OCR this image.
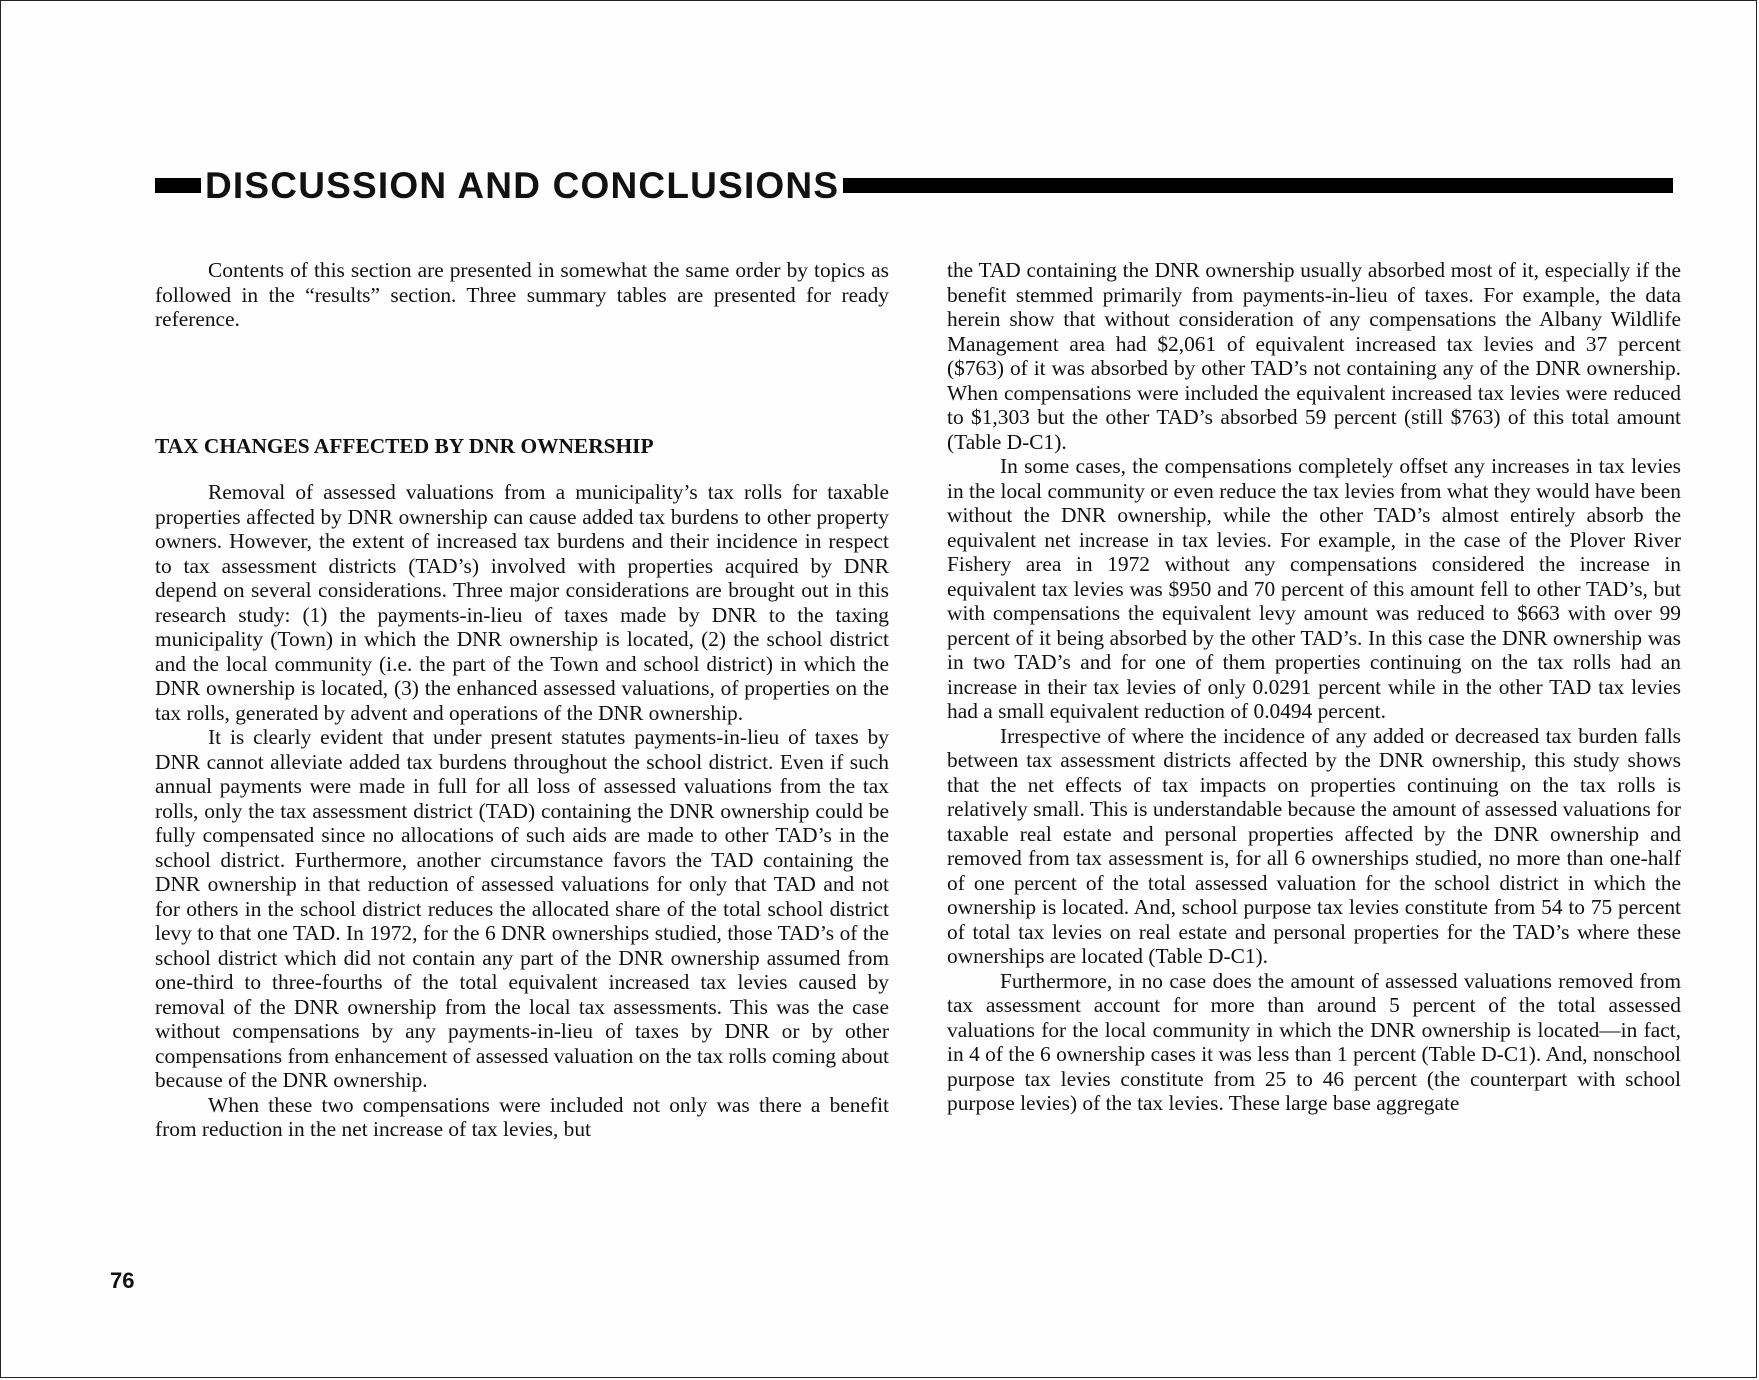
DISCUSSION AND CONCLUSIONS

Contents of this section are presented in somewhat the same order by topics as followed in the “results” section. Three summary tables are presented for ready reference.

TAX CHANGES AFFECTED BY DNR OWNERSHIP

Removal of assessed valuations from a municipality’s tax rolls for taxable properties affected by DNR ownership can cause added tax burdens to other property owners. However, the extent of increased tax burdens and their incidence in respect to tax assessment districts (TAD’s) involved with properties acquired by DNR depend on several considerations. Three major considerations are brought out in this research study: (1) the payments-in-lieu of taxes made by DNR to the taxing municipality (Town) in which the DNR ownership is located, (2) the school district and the local community (i.e. the part of the Town and school district) in which the DNR ownership is located, (3) the enhanced assessed valuations, of properties on the tax rolls, generated by advent and operations of the DNR ownership.

It is clearly evident that under present statutes payments-in-lieu of taxes by DNR cannot alleviate added tax burdens throughout the school district. Even if such annual payments were made in full for all loss of assessed valuations from the tax rolls, only the tax assessment district (TAD) containing the DNR ownership could be fully compensated since no allocations of such aids are made to other TAD’s in the school district. Furthermore, another circumstance favors the TAD containing the DNR ownership in that reduction of assessed valuations for only that TAD and not for others in the school district reduces the allocated share of the total school district levy to that one TAD. In 1972, for the 6 DNR ownerships studied, those TAD’s of the school district which did not contain any part of the DNR ownership assumed from one-third to three-fourths of the total equivalent increased tax levies caused by removal of the DNR ownership from the local tax assessments. This was the case without compensations by any payments-in-lieu of taxes by DNR or by other compensations from enhancement of assessed valuation on the tax rolls coming about because of the DNR ownership.

When these two compensations were included not only was there a benefit from reduction in the net increase of tax levies, but

the TAD containing the DNR ownership usually absorbed most of it, especially if the benefit stemmed primarily from payments-in-lieu of taxes. For example, the data herein show that without consideration of any compensations the Albany Wildlife Management area had $2,061 of equivalent increased tax levies and 37 percent ($763) of it was absorbed by other TAD’s not containing any of the DNR ownership. When compensations were included the equivalent increased tax levies were reduced to $1,303 but the other TAD’s absorbed 59 percent (still $763) of this total amount (Table D-C1).

In some cases, the compensations completely offset any increases in tax levies in the local community or even reduce the tax levies from what they would have been without the DNR ownership, while the other TAD’s almost entirely absorb the equivalent net increase in tax levies. For example, in the case of the Plover River Fishery area in 1972 without any compensations considered the increase in equivalent tax levies was $950 and 70 percent of this amount fell to other TAD’s, but with compensations the equivalent levy amount was reduced to $663 with over 99 percent of it being absorbed by the other TAD’s. In this case the DNR ownership was in two TAD’s and for one of them properties continuing on the tax rolls had an increase in their tax levies of only 0.0291 percent while in the other TAD tax levies had a small equivalent reduction of 0.0494 percent.

Irrespective of where the incidence of any added or decreased tax burden falls between tax assessment districts affected by the DNR ownership, this study shows that the net effects of tax impacts on properties continuing on the tax rolls is relatively small. This is understandable because the amount of assessed valuations for taxable real estate and personal properties affected by the DNR ownership and removed from tax assessment is, for all 6 ownerships studied, no more than one-half of one percent of the total assessed valuation for the school district in which the ownership is located. And, school purpose tax levies constitute from 54 to 75 percent of total tax levies on real estate and personal properties for the TAD’s where these ownerships are located (Table D-C1).

Furthermore, in no case does the amount of assessed valuations removed from tax assessment account for more than around 5 percent of the total assessed valuations for the local community in which the DNR ownership is located—in fact, in 4 of the 6 ownership cases it was less than 1 percent (Table D-C1). And, nonschool purpose tax levies constitute from 25 to 46 percent (the counterpart with school purpose levies) of the tax levies. These large base aggregate

76
